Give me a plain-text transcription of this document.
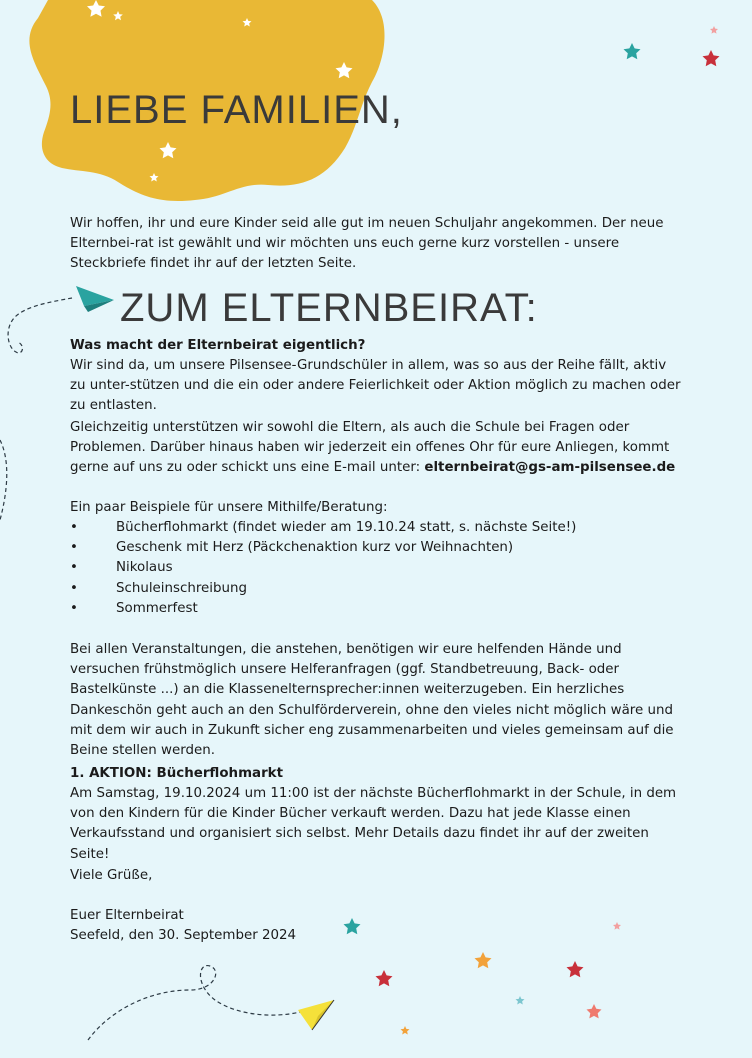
LIEBE FAMILIEN,

Wir hoffen, ihr und eure Kinder seid alle gut im neuen Schuljahr angekommen. Der neue Elternbei-rat ist gewählt und wir möchten uns euch gerne kurz vorstellen - unsere Steckbriefe findet ihr auf der letzten Seite.

ZUM ELTERNBEIRAT:

Was macht der Elternbeirat eigentlich?

Wir sind da, um unsere Pilsensee-Grundschüler in allem, was so aus der Reihe fällt, aktiv zu unter-stützen und die ein oder andere Feierlichkeit oder Aktion möglich zu machen oder zu entlasten.

Gleichzeitig unterstützen wir sowohl die Eltern, als auch die Schule bei Fragen oder Problemen. Darüber hinaus haben wir jederzeit ein offenes Ohr für eure Anliegen, kommt gerne auf uns zu oder schickt uns eine E-mail unter: elternbeirat@gs-am-pilsensee.de

Ein paar Beispiele für unsere Mithilfe/Beratung:

• Bücherflohmarkt (findet wieder am 19.10.24 statt, s. nächste Seite!)
• Geschenk mit Herz (Päckchenaktion kurz vor Weihnachten)
• Nikolaus
• Schuleinschreibung
• Sommerfest

Bei allen Veranstaltungen, die anstehen, benötigen wir eure helfenden Hände und versuchen frühstmöglich unsere Helferanfragen (ggf. Standbetreuung, Back- oder Bastelkünste ...) an die Klassenelternsprecher:innen weiterzugeben. Ein herzliches Dankeschön geht auch an den Schulförderverein, ohne den vieles nicht möglich wäre und mit dem wir auch in Zukunft sicher eng zusammenarbeiten und vieles gemeinsam auf die Beine stellen werden.

1. AKTION: Bücherflohmarkt

Am Samstag, 19.10.2024 um 11:00 ist der nächste Bücherflohmarkt in der Schule, in dem von den Kindern für die Kinder Bücher verkauft werden. Dazu hat jede Klasse einen Verkaufsstand und organisiert sich selbst. Mehr Details dazu findet ihr auf der zweiten Seite!

Viele Grüße,

Euer Elternbeirat

Seefeld, den 30. September 2024
